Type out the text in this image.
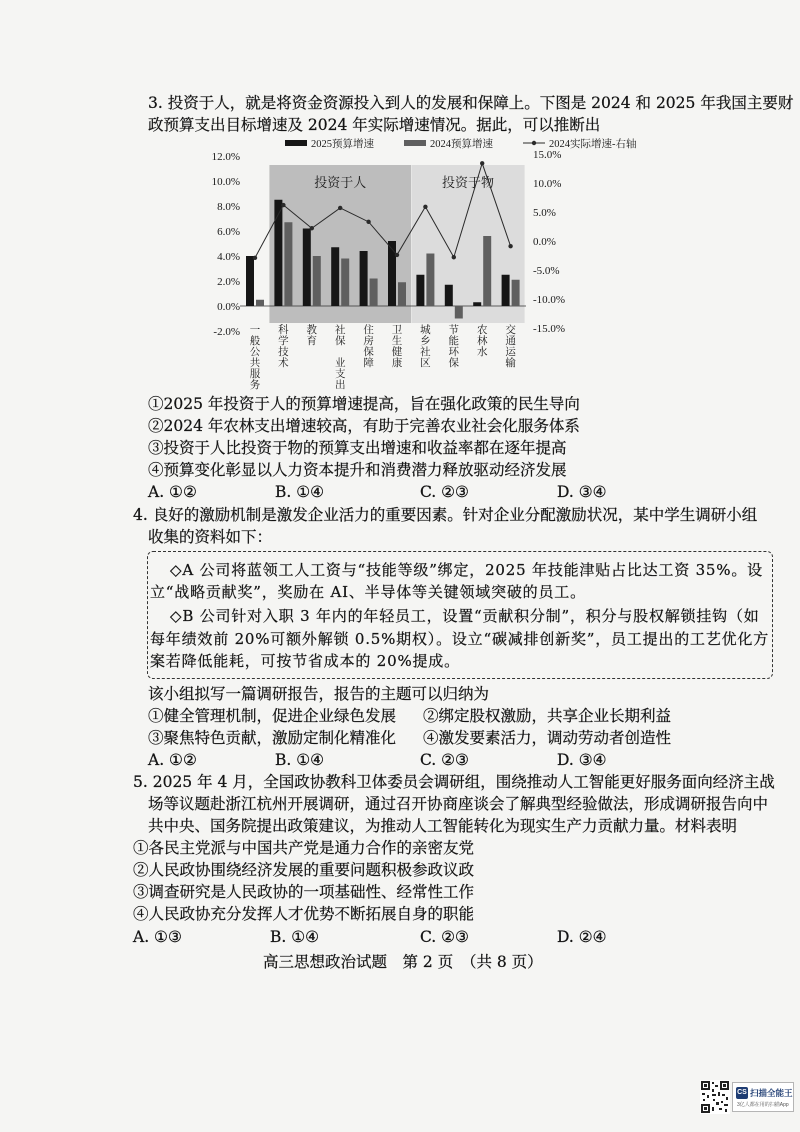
3. 投资于人，就是将资金资源投入到人的发展和保障上。下图是 2024 和 2025 年我国主要财
政预算支出目标增速及 2024 年实际增速情况。据此，可以推断出
投资于人	投资于物
12.0%
10.0%
8.0%
6.0%
4.0%
2.0%
0.0%
-2.0%
15.0%
10.0%
5.0%
0.0%
-5.0%
-10.0%
-15.0%
一般公共服务
科学技术
教育
社保 业支出
住房保障
卫生健康
城乡社区
节能环保
农林水
交通运输
2025预算增速	2024预算增速	2024实际增速-右轴
①2025 年投资于人的预算增速提高，旨在强化政策的民生导向
②2024 年农林支出增速较高，有助于完善农业社会化服务体系
③投资于人比投资于物的预算支出增速和收益率都在逐年提高
④预算变化彰显以人力资本提升和消费潜力释放驱动经济发展
A. ①②	B. ①④	C. ②③	D. ③④
4. 良好的激励机制是激发企业活力的重要因素。针对企业分配激励状况，某中学生调研小组
收集的资料如下：
◇A 公司将蓝领工人工资与“技能等级”绑定，2025 年技能津贴占比达工资 35%。设
立“战略贡献奖”，奖励在 AI、半导体等关键领域突破的员工。
◇B 公司针对入职 3 年内的年轻员工，设置“贡献积分制”，积分与股权解锁挂钩（如
每年绩效前 20%可额外解锁 0.5%期权）。设立“碳减排创新奖”，员工提出的工艺优化方
案若降低能耗，可按节省成本的 20%提成。
该小组拟写一篇调研报告，报告的主题可以归纳为
①健全管理机制，促进企业绿色发展 ②绑定股权激励，共享企业长期利益
③聚焦特色贡献，激励定制化精准化 ④激发要素活力，调动劳动者创造性
A. ①②	B. ①④	C. ②③	D. ③④
5. 2025 年 4 月，全国政协教科卫体委员会调研组，围绕推动人工智能更好服务面向经济主战
场等议题赴浙江杭州开展调研，通过召开协商座谈会了解典型经验做法，形成调研报告向中
共中央、国务院提出政策建议，为推动人工智能转化为现实生产力贡献力量。材料表明
①各民主党派与中国共产党是通力合作的亲密友党
②人民政协围绕经济发展的重要问题积极参政议政
③调查研究是人民政协的一项基础性、经常性工作
④人民政协充分发挥人才优势不断拓展自身的职能
A. ①③	B. ①④	C. ②③	D. ②④
高三思想政治试题　第 2 页　（共 8 页）
CS 扫描全能王
3亿人都在用的扫描App
